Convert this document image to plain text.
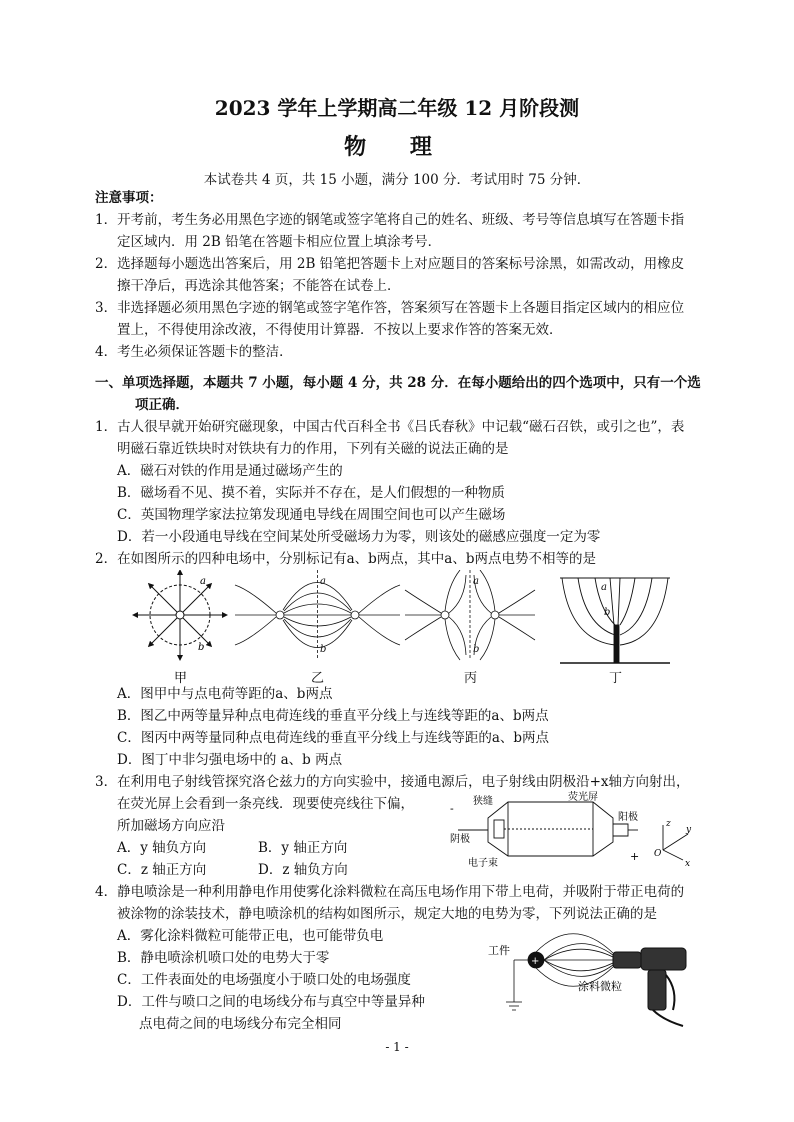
2023 学年上学期高二年级 12 月阶段测
物 理
本试卷共 4 页，共 15 小题，满分 100 分．考试用时 75 分钟．
注意事项：
1．开考前，考生务必用黑色字迹的钢笔或签字笔将自己的姓名、班级、考号等信息填写在答题卡指
定区域内．用 2B 铅笔在答题卡相应位置上填涂考号．
2．选择题每小题选出答案后，用 2B 铅笔把答题卡上对应题目的答案标号涂黑，如需改动，用橡皮
擦干净后，再选涂其他答案；不能答在试卷上．
3．非选择题必须用黑色字迹的钢笔或签字笔作答，答案须写在答题卡上各题目指定区域内的相应位
置上，不得使用涂改液，不得使用计算器．不按以上要求作答的答案无效．
4．考生必须保证答题卡的整洁．
一、单项选择题，本题共 7 小题，每小题 4 分，共 28 分．在每小题给出的四个选项中，只有一个选
项正确．
1．古人很早就开始研究磁现象，中国古代百科全书《吕氏春秋》中记载“磁石召铁，或引之也”，表
明磁石靠近铁块时对铁块有力的作用，下列有关磁的说法正确的是
A．磁石对铁的作用是通过磁场产生的
B．磁场看不见、摸不着，实际并不存在，是人们假想的一种物质
C．英国物理学家法拉第发现通电导线在周围空间也可以产生磁场
D．若一小段通电导线在空间某处所受磁场力为零，则该处的磁感应强度一定为零
2．在如图所示的四种电场中，分别标记有a、b两点，其中a、b两点电势不相等的是
a
b
甲
a
b
乙
a
b
丙
a
b
丁
A．图甲中与点电荷等距的a、b两点
B．图乙中两等量异种点电荷连线的垂直平分线上与连线等距的a、b两点
C．图丙中两等量同种点电荷连线的垂直平分线上与连线等距的a、b两点
D．图丁中非匀强电场中的 a、b 两点
3．在利用电子射线管探究洛仑兹力的方向实验中，接通电源后，电子射线由阴极沿+x轴方向射出，
在荧光屏上会看到一条亮线．现要使亮线往下偏，
所加磁场方向应沿
A．y 轴负方向	B．y 轴正方向
C．z 轴正方向	D．z 轴负方向
-
狭缝	荧光屏
阴极
阳极
电子束
+
z
y
x
O
4．静电喷涂是一种利用静电作用使雾化涂料微粒在高压电场作用下带上电荷，并吸附于带正电荷的
被涂物的涂装技术，静电喷涂机的结构如图所示，规定大地的电势为零，下列说法正确的是
A．雾化涂料微粒可能带正电，也可能带负电
B．静电喷涂机喷口处的电势大于零
C．工件表面处的电场强度小于喷口处的电场强度
D．工件与喷口之间的电场线分布与真空中等量异种
点电荷之间的电场线分布完全相同
工件
+
涂料微粒
- 1 -
